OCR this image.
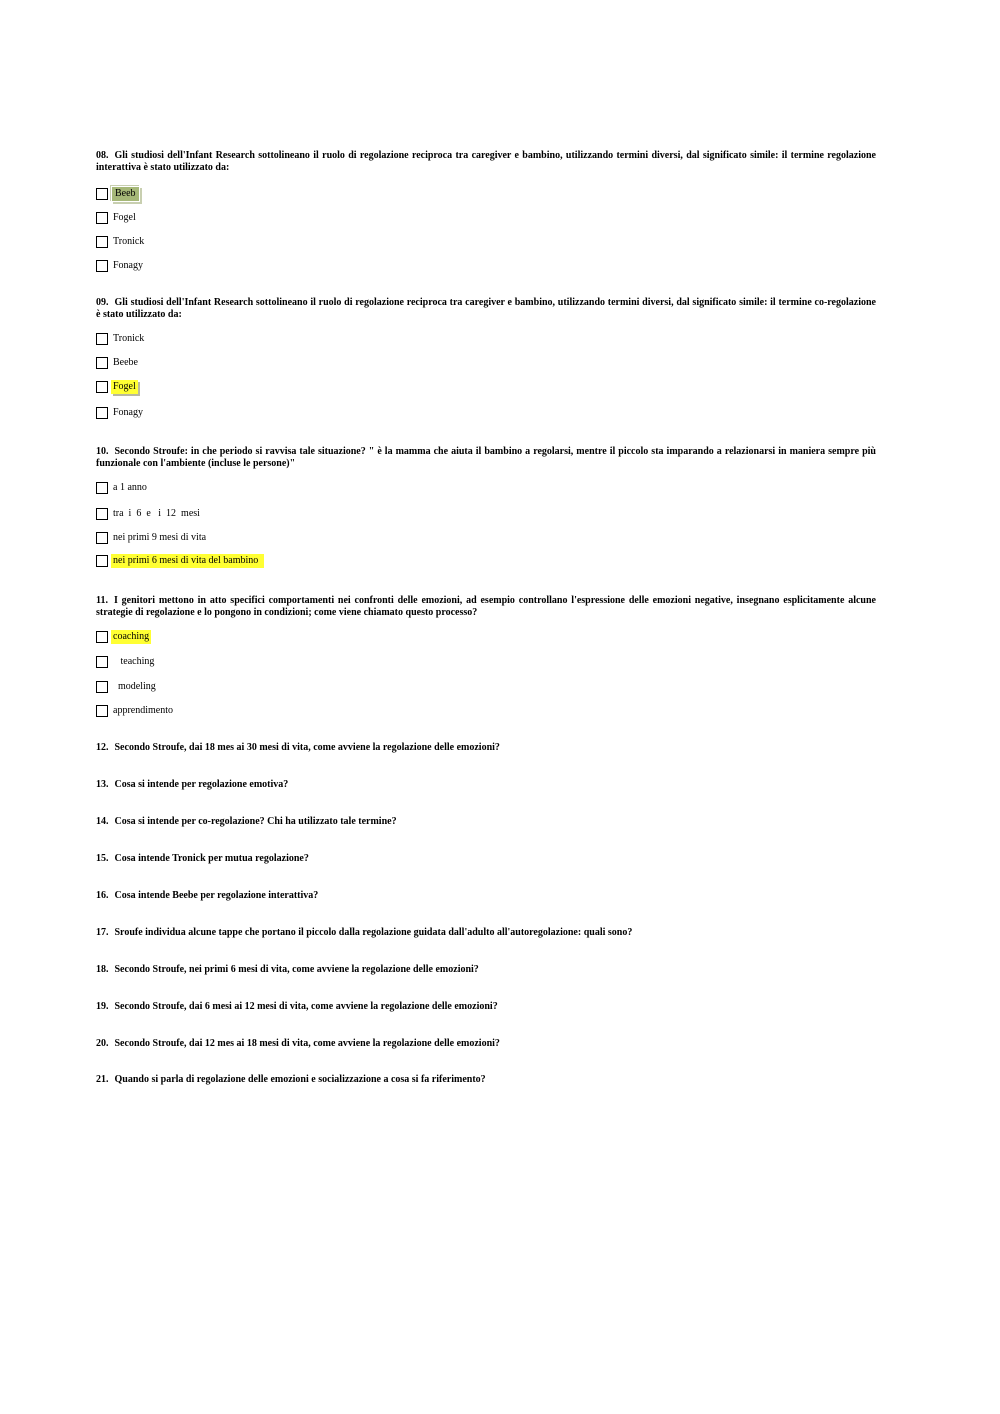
08. Gli studiosi dell'Infant Research sottolineano il ruolo di regolazione reciproca tra caregiver e bambino, utilizzando termini diversi, dal significato simile: il termine regolazione interattiva è stato utilizzato da:
Beeb
Fogel
Tronick
Fonagy
09. Gli studiosi dell'Infant Research sottolineano il ruolo di regolazione reciproca tra caregiver e bambino, utilizzando termini diversi, dal significato simile: il termine co-regolazione è stato utilizzato da:
Tronick
Beebe
Fogel
Fonagy
10. Secondo Stroufe: in che periodo si ravvisa tale situazione? " è la mamma che aiuta il bambino a regolarsi, mentre il piccolo sta imparando a relazionarsi in maniera sempre più funzionale con l'ambiente (incluse le persone)"
a 1 anno
tra  i  6  e   i  12  mesi
nei primi 9 mesi di vita
nei primi 6 mesi di vita del bambino
11. I genitori mettono in atto specifici comportamenti nei confronti delle emozioni, ad esempio controllano l'espressione delle emozioni negative, insegnano esplicitamente alcune strategie di regolazione e lo pongono in condizioni; come viene chiamato questo processo?
coaching
teaching
modeling
apprendimento
12. Secondo Stroufe, dai 18 mes ai 30 mesi di vita, come avviene la regolazione delle emozioni?
13. Cosa si intende per regolazione emotiva?
14. Cosa si intende per co-regolazione? Chi ha utilizzato tale termine?
15. Cosa intende Tronick per mutua regolazione?
16. Cosa intende Beebe per regolazione interattiva?
17. Sroufe individua alcune tappe che portano il piccolo dalla regolazione guidata dall'adulto all'autoregolazione: quali sono?
18. Secondo Stroufe, nei primi 6 mesi di vita, come avviene la regolazione delle emozioni?
19. Secondo Stroufe, dai 6 mesi ai 12 mesi di vita, come avviene la regolazione delle emozioni?
20. Secondo Stroufe, dai 12 mes ai 18 mesi di vita, come avviene la regolazione delle emozioni?
21. Quando si parla di regolazione delle emozioni e socializzazione a cosa si fa riferimento?
